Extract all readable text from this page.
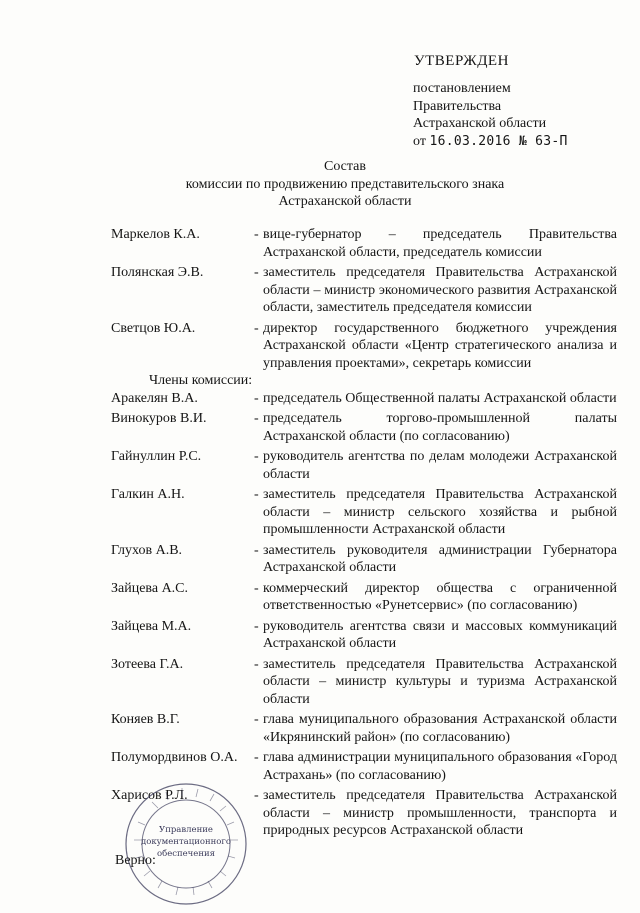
УТВЕРЖДЕН
постановлением
Правительства
Астраханской области
от 16.03.2016 № 63-П
Состав
комиссии по продвижению представительского знака
Астраханской области
Маркелов К.А.	- вице-губернатор – председатель Правительства Астраханской области, председатель комиссии
Полянская Э.В.	- заместитель председателя Правительства Астраханской области – министр экономического развития Астраханской области, заместитель председателя комиссии
Светцов Ю.А.	- директор государственного бюджетного учреждения Астраханской области «Центр стратегического анализа и управления проектами», секретарь комиссии
Члены комиссии:
Аракелян В.А.	- председатель Общественной палаты Астраханской области
Винокуров В.И.	- председатель торгово-промышленной палаты Астраханской области (по согласованию)
Гайнуллин Р.С.	- руководитель агентства по делам молодежи Астраханской области
Галкин А.Н.	- заместитель председателя Правительства Астраханской области – министр сельского хозяйства и рыбной промышленности Астраханской области
Глухов А.В.	- заместитель руководителя администрации Губернатора Астраханской области
Зайцева А.С.	- коммерческий директор общества с ограниченной ответственностью «Рунетсервис» (по согласованию)
Зайцева М.А.	- руководитель агентства связи и массовых коммуникаций Астраханской области
Зотеева Г.А.	- заместитель председателя Правительства Астраханской области – министр культуры и туризма Астраханской области
Коняев В.Г.	- глава муниципального образования Астраханской области «Икрянинский район» (по согласованию)
Полумордвинов О.А.	- глава администрации муниципального образования «Город Астрахань» (по согласованию)
Харисов Р.Л.	- заместитель председателя Правительства Астраханской области – министр промышленности, транспорта и природных ресурсов Астраханской области
Управление
документационного
обеспечения
Верно:
